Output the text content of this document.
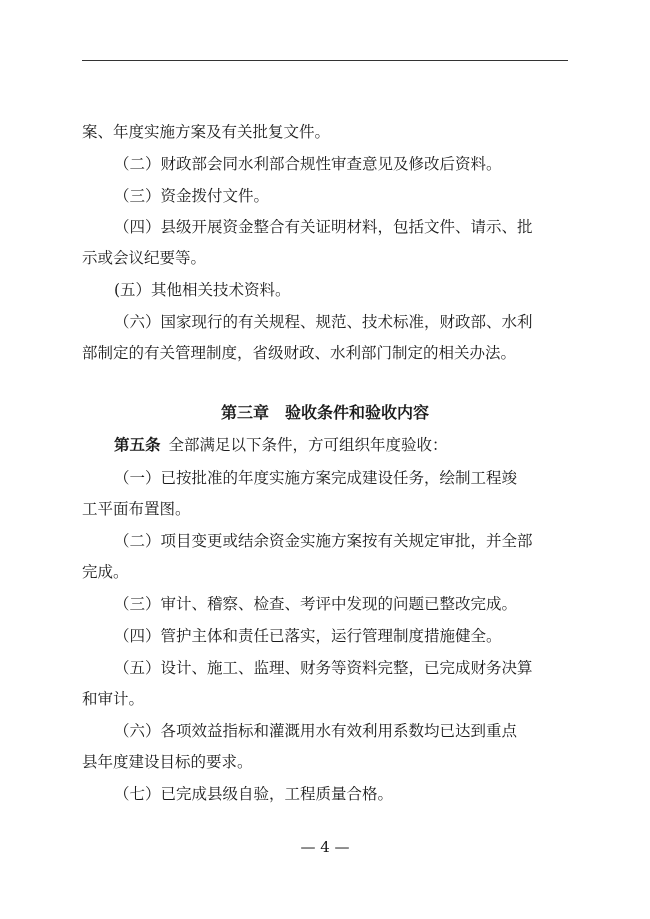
案、年度实施方案及有关批复文件。
（二）财政部会同水利部合规性审查意见及修改后资料。
（三）资金拨付文件。
（四）县级开展资金整合有关证明材料，包括文件、请示、批
示或会议纪要等。
(五）其他相关技术资料。
（六）国家现行的有关规程、规范、技术标准，财政部、水利
部制定的有关管理制度，省级财政、水利部门制定的相关办法。
第三章　验收条件和验收内容
第五条 全部满足以下条件，方可组织年度验收：
（一）已按批准的年度实施方案完成建设任务，绘制工程竣
工平面布置图。
（二）项目变更或结余资金实施方案按有关规定审批，并全部
完成。
（三）审计、稽察、检查、考评中发现的问题已整改完成。
（四）管护主体和责任已落实，运行管理制度措施健全。
（五）设计、施工、监理、财务等资料完整，已完成财务决算
和审计。
（六）各项效益指标和灌溉用水有效利用系数均已达到重点
县年度建设目标的要求。
（七）已完成县级自验，工程质量合格。
— 4 —
